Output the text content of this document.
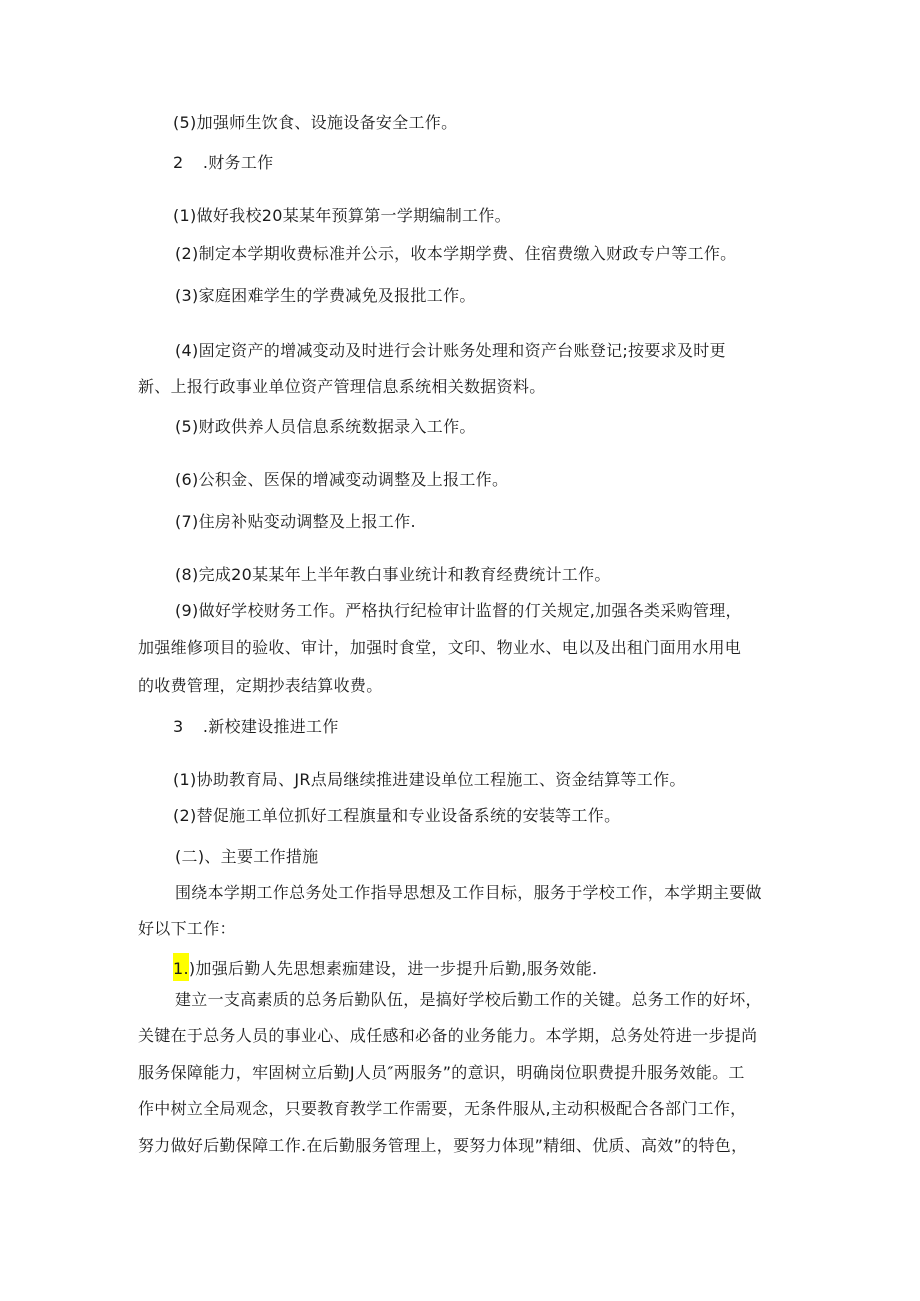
(5)加强师生饮食、设施设备安全工作。
2 .财务工作
(1)做好我校20某某年预算第一学期编制工作。
(2)制定本学期收费标准并公示，收本学期学费、住宿费缴入财政专户等工作。
(3)家庭困难学生的学费减免及报批工作。
(4)固定资产的增减变动及时进行会计账务处理和资产台账登记;按要求及时更
新、上报行政事业单位资产管理信息系统相关数据资料。
(5)财政供养人员信息系统数据录入工作。
(6)公积金、医保的增减变动调整及上报工作。
(7)住房补贴变动调整及上报工作.
(8)完成20某某年上半年教白事业统计和教育经费统计工作。
(9)做好学校财务工作。严格执行纪检审计监督的仃关规定,加强各类采购管理，
加强维修项目的验收、审计，加强时食堂，文印、物业水、电以及出租门面用水用电
的收费管理，定期抄表结算收费。
3 .新校建设推进工作
(1)协助教育局、JR点局继续推进建设单位工程施工、资金结算等工作。
(2)替促施工单位抓好工程旗量和专业设备系统的安装等工作。
(二)、主要工作措施
围绕本学期工作总务处工作指导思想及工作目标，服务于学校工作，本学期主要做
好以下工作：
1.)加强后勤人先思想素痂建设，进一步提升后勤,服务效能.
建立一支高素质的总务后勤队伍，是搞好学校后勤工作的关键。总务工作的好坏，
关键在于总务人员的事业心、成任感和必备的业务能力。本学期，总务处符进一步提尚
服务保障能力，牢固树立后勤J人员″两服务”的意识，明确岗位职费提升服务效能。工
作中树立全局观念，只要教育教学工作需要，无条件服从,主动积极配合各部门工作，
努力做好后勤保障工作.在后勤服务管理上，要努力体现”精细、优质、高效”的特色，
